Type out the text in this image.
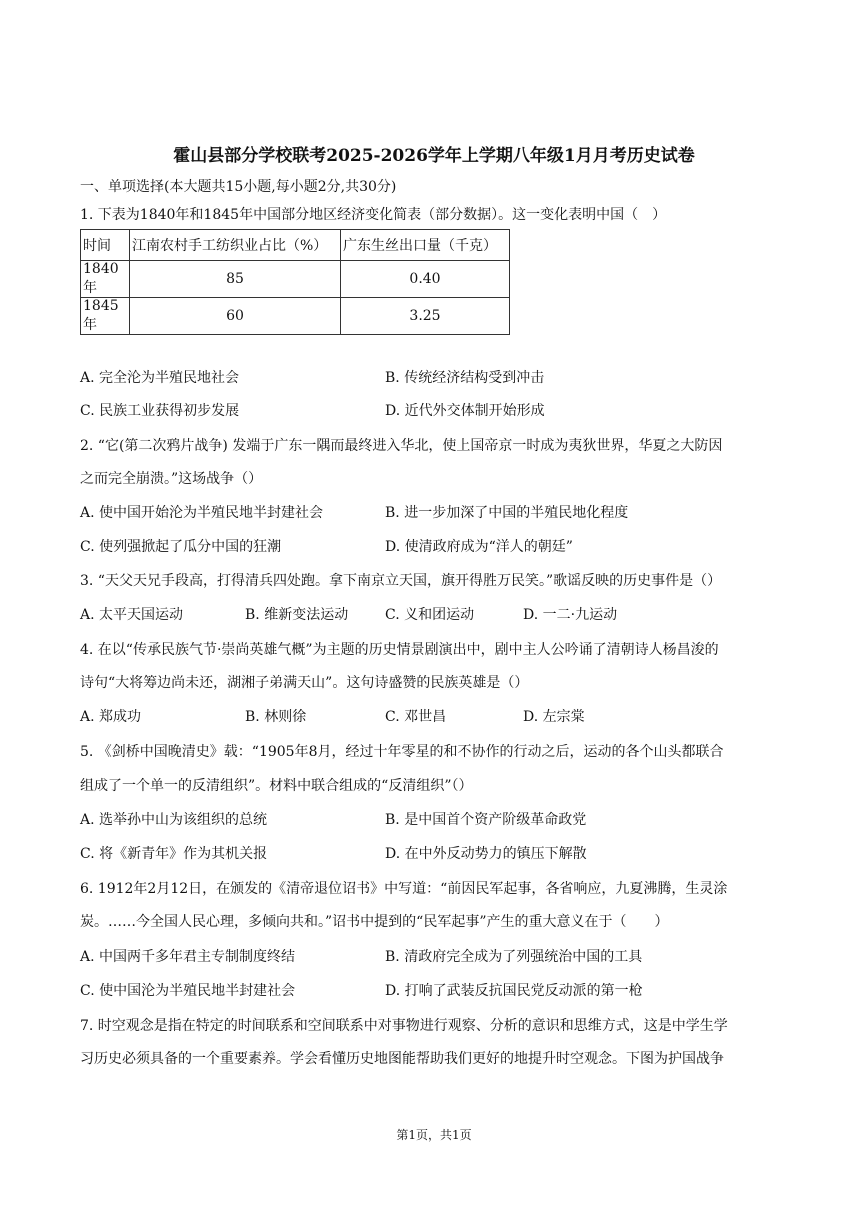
霍山县部分学校联考2025-2026学年上学期八年级1月月考历史试卷
一、单项选择(本大题共15小题,每小题2分,共30分)
1. 下表为1840年和1845年中国部分地区经济变化简表（部分数据）。这一变化表明中国（　）
时间	江南农村手工纺织业占比（%）	广东生丝出口量（千克）
1840年	85	0.40
1845年	60	3.25
A. 完全沦为半殖民地社会	B. 传统经济结构受到冲击
C. 民族工业获得初步发展	D. 近代外交体制开始形成
2. “它(第二次鸦片战争) 发端于广东一隅而最终进入华北，使上国帝京一时成为夷狄世界，华夏之大防因
之而完全崩溃。”这场战争（）
A. 使中国开始沦为半殖民地半封建社会	B. 进一步加深了中国的半殖民地化程度
C. 使列强掀起了瓜分中国的狂潮	D. 使清政府成为“洋人的朝廷”
3. “天父天兄手段高，打得清兵四处跑。拿下南京立天国，旗开得胜万民笑。”歌谣反映的历史事件是（）
A. 太平天国运动	B. 维新变法运动	C. 义和团运动	D. 一二·九运动
4. 在以“传承民族气节·崇尚英雄气概”为主题的历史情景剧演出中，剧中主人公吟诵了清朝诗人杨昌浚的
诗句“大将筹边尚未还，湖湘子弟满天山”。这句诗盛赞的民族英雄是（）
A. 郑成功	B. 林则徐	C. 邓世昌	D. 左宗棠
5. 《剑桥中国晚清史》载：“1905年8月，经过十年零星的和不协作的行动之后，运动的各个山头都联合
组成了一个单一的反清组织”。材料中联合组成的“反清组织”（）
A. 选举孙中山为该组织的总统	B. 是中国首个资产阶级革命政党
C. 将《新青年》作为其机关报	D. 在中外反动势力的镇压下解散
6. 1912年2月12日，在颁发的《清帝退位诏书》中写道：“前因民军起事，各省响应，九夏沸腾，生灵涂
炭。……今全国人民心理，多倾向共和。”诏书中提到的“民军起事”产生的重大意义在于（　　）
A. 中国两千多年君主专制制度终结	B. 清政府完全成为了列强统治中国的工具
C. 使中国沦为半殖民地半封建社会	D. 打响了武装反抗国民党反动派的第一枪
7. 时空观念是指在特定的时间联系和空间联系中对事物进行观察、分析的意识和思维方式，这是中学生学
习历史必须具备的一个重要素养。学会看懂历史地图能帮助我们更好的地提升时空观念。下图为护国战争
第1页，共1页
